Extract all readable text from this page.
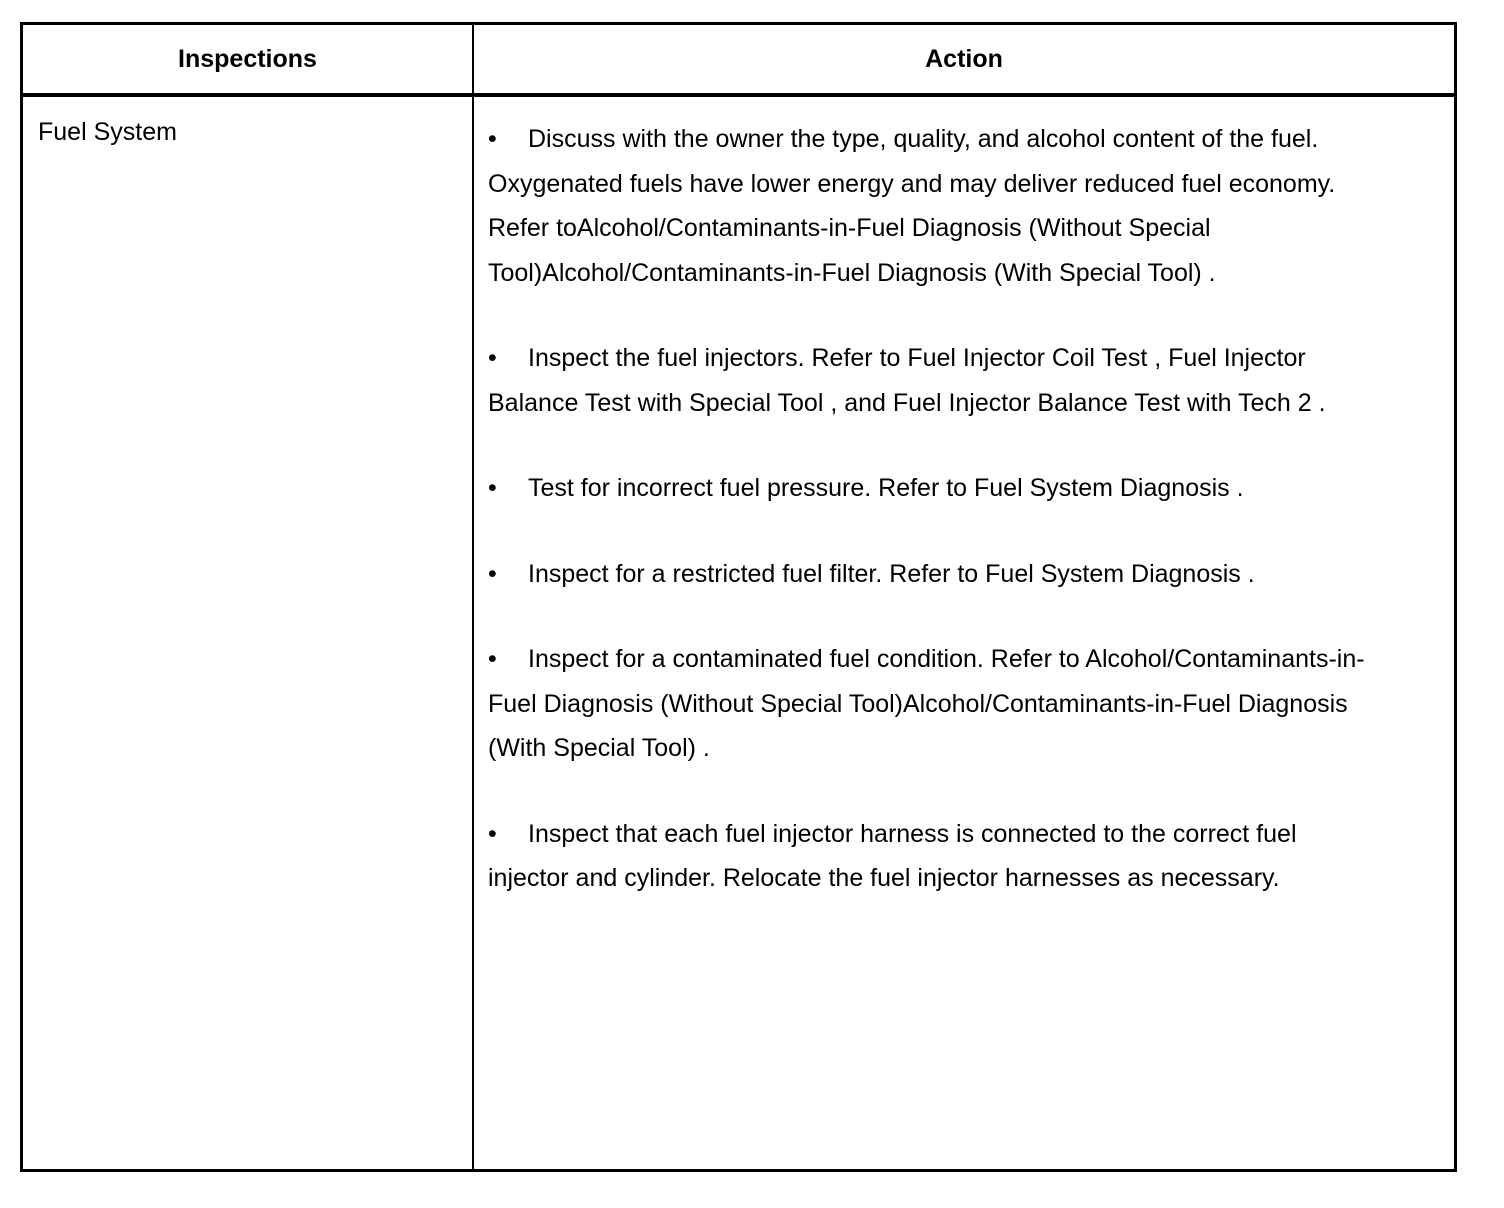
Inspections	Action
Fuel System	• Discuss with the owner the type, quality, and alcohol content of the fuel. Oxygenated fuels have lower energy and may deliver reduced fuel economy. Refer toAlcohol/Contaminants-in-Fuel Diagnosis (Without Special Tool)Alcohol/Contaminants-in-Fuel Diagnosis (With Special Tool) .
• Inspect the fuel injectors. Refer to Fuel Injector Coil Test , Fuel Injector Balance Test with Special Tool , and Fuel Injector Balance Test with Tech 2 .
• Test for incorrect fuel pressure. Refer to Fuel System Diagnosis .
• Inspect for a restricted fuel filter. Refer to Fuel System Diagnosis .
• Inspect for a contaminated fuel condition. Refer to Alcohol/Contaminants-in-Fuel Diagnosis (Without Special Tool)Alcohol/Contaminants-in-Fuel Diagnosis (With Special Tool) .
• Inspect that each fuel injector harness is connected to the correct fuel injector and cylinder. Relocate the fuel injector harnesses as necessary.
